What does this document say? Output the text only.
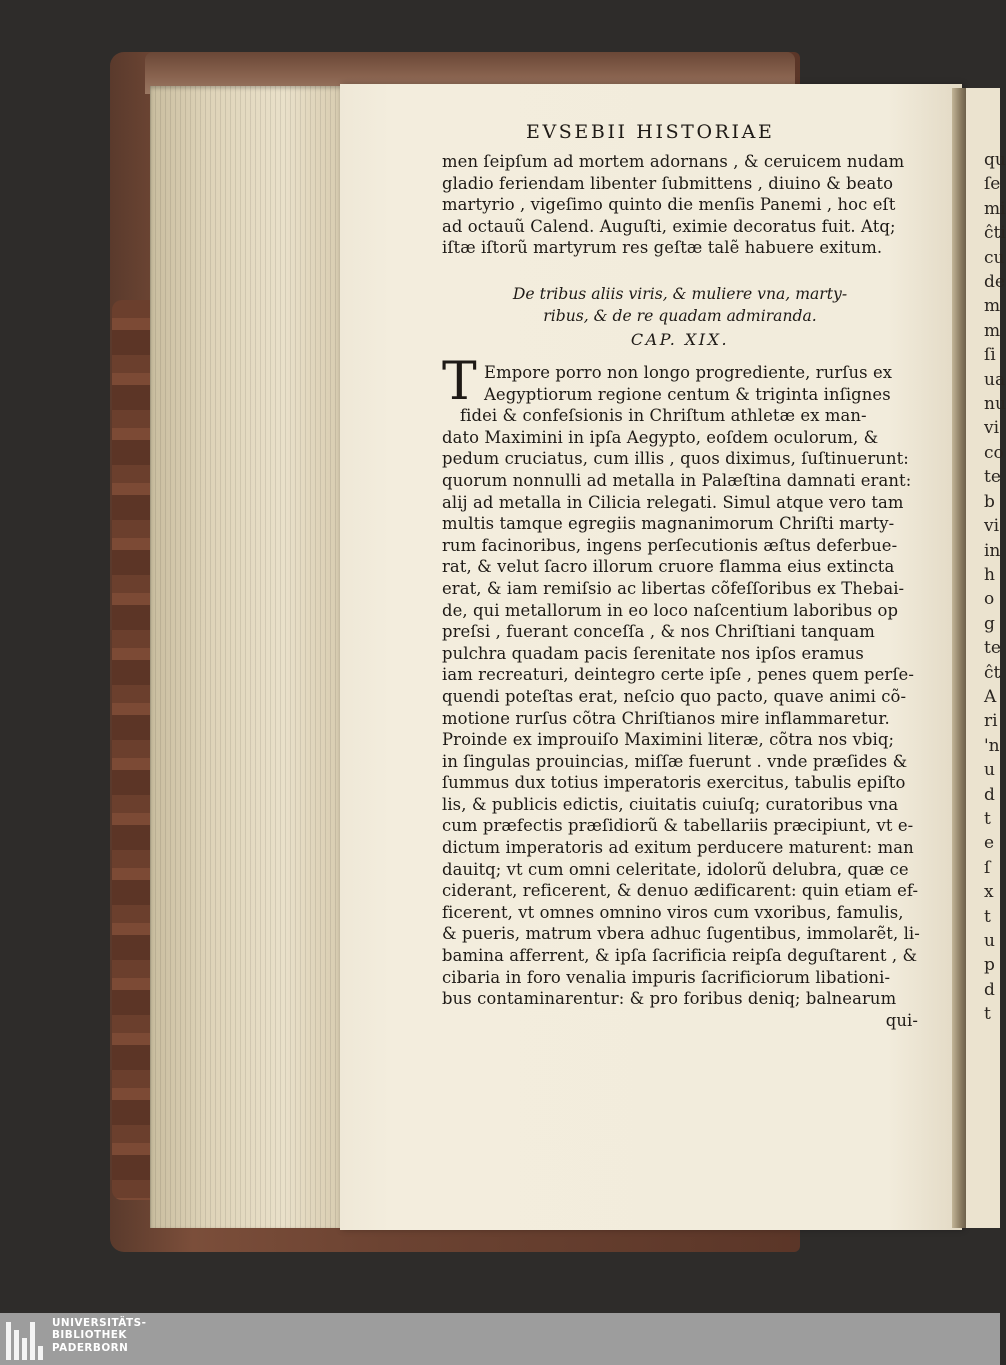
qu
ſe
mi
ĉti
cu
de
m
m
ſi
ua
nu
vi
co
te
b
vi
in
h
o
g
te
ĉt
A
ri
'n
u
d
t
e
ſ
x
t
u
p
d
t
EVSEBII HISTORIAE
men ſeipſum ad mortem adornans , & ceruicem nudam
gladio feriendam libenter ſubmittens , diuino & beato
martyrio , vigeſimo quinto die menſis Panemi , hoc eſt
ad octauũ Calend. Auguſti, eximie decoratus fuit. Atq;
iſtæ iſtorũ martyrum res geſtæ talẽ habuere exitum.
De tribus aliis viris, & muliere vna, marty-
ribus, & de re quadam admiranda.
CAP. XIX.
T Empore porro non longo progrediente, rurſus ex
Aegyptiorum regione centum & triginta inſignes
fidei & confeſsionis in Chriſtum athletæ ex man-
dato Maximini in ipſa Aegypto, eoſdem oculorum, &
pedum cruciatus, cum illis , quos diximus, ſuſtinuerunt:
quorum nonnulli ad metalla in Palæſtina damnati erant:
alij ad metalla in Cilicia relegati. Simul atque vero tam
multis tamque egregiis magnanimorum Chriſti marty-
rum facinoribus, ingens perſecutionis æſtus deferbue-
rat, & velut ſacro illorum cruore flamma eius extincta
erat, & iam remiſsio ac libertas cõfeſſoribus ex Thebai-
de, qui metallorum in eo loco naſcentium laboribus op
preſsi , fuerant conceſſa , & nos Chriſtiani tanquam
pulchra quadam pacis ſerenitate nos ipſos eramus
iam recreaturi, deintegro certe ipſe , penes quem perſe-
quendi poteſtas erat, neſcio quo pacto, quave animi cõ-
motione rurſus cõtra Chriſtianos mire inflammaretur.
Proinde ex improuiſo Maximini literæ, cõtra nos vbiq;
in ſingulas prouincias, miſſæ fuerunt . vnde præſides &
ſummus dux totius imperatoris exercitus, tabulis epiſto
lis, & publicis edictis, ciuitatis cuiuſq; curatoribus vna
cum præfectis præſidiorũ & tabellariis præcipiunt, vt e-
dictum imperatoris ad exitum perducere maturent: man
dauitq; vt cum omni celeritate, idolorũ delubra, quæ ce
ciderant, reficerent, & denuo ædificarent: quin etiam ef-
ficerent, vt omnes omnino viros cum vxoribus, famulis,
& pueris, matrum vbera adhuc ſugentibus, immolarẽt, li-
bamina afferrent, & ipſa ſacrificia reipſa deguſtarent , &
cibaria in foro venalia impuris ſacrificiorum libationi-
bus contaminarentur: & pro foribus deniq; balnearum
qui-
UNIVERSITÄTS-
BIBLIOTHEK
PADERBORN
